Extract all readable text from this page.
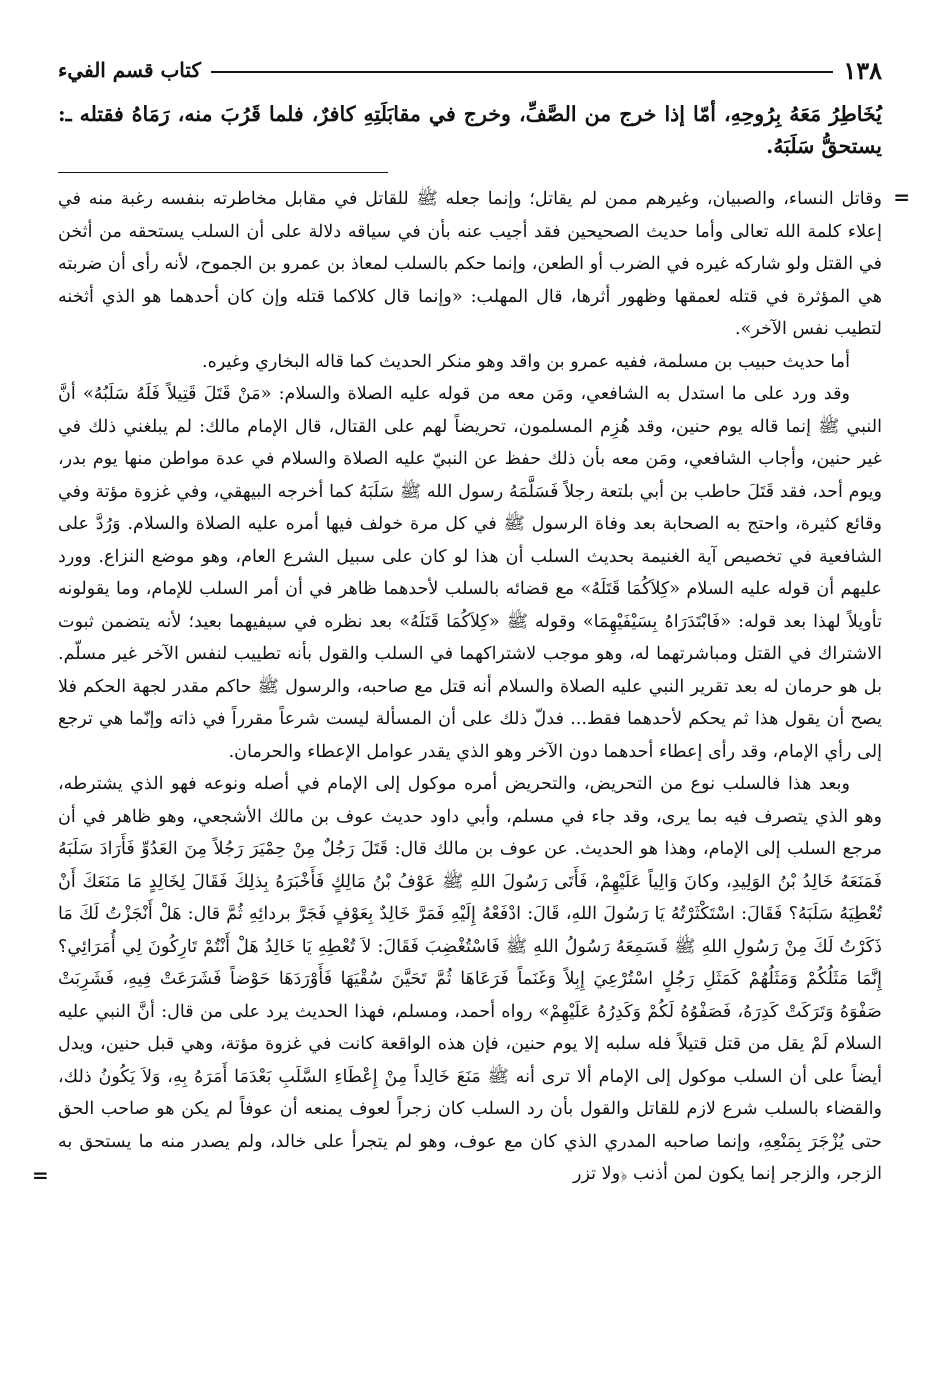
١٣٨
كتاب قسم الفيء

يُخَاطِرُ مَعَهُ بِرُوحِهِ، أمّا إذا خرج من الصَّفِّ، وخرج في مقابَلَتِهِ كافرٌ، فلما قَرُبَ منه، رَمَاهُ فقتله ـ: يستحقُّ سَلَبَهُ.

=

وقاتل النساء، والصبيان، وغيرهم ممن لم يقاتل؛ وإنما جعله ﷺ للقاتل في مقابل مخاطرته بنفسه رغبة منه في إعلاء كلمة الله تعالى وأما حديث الصحيحين فقد أجيب عنه بأن في سياقه دلالة على أن السلب يستحقه من أثخن في القتل ولو شاركه غيره في الضرب أو الطعن، وإنما حكم بالسلب لمعاذ بن عمرو بن الجموح، لأنه رأى أن ضربته هي المؤثرة في قتله لعمقها وظهور أثرها، قال المهلب: «وإنما قال كلاكما قتله وإن كان أحدهما هو الذي أثخنه لتطيب نفس الآخر».

أما حديث حبيب بن مسلمة، ففيه عمرو بن واقد وهو منكر الحديث كما قاله البخاري وغيره.

وقد ورد على ما استدل به الشافعي، ومَن معه من قوله عليه الصلاة والسلام: «مَنْ قَتَلَ قَتِيلاً فَلَهُ سَلَبُهُ» أنَّ النبي ﷺ إنما قاله يوم حنين، وقد هُزِم المسلمون، تحريضاً لهم على القتال، قال الإمام مالك: لم يبلغني ذلك في غير حنين، وأجاب الشافعي، ومَن معه بأن ذلك حفظ عن النبيّ عليه الصلاة والسلام في عدة مواطن منها يوم بدر، ويوم أحد، فقد قَتَلَ حاطب بن أبي بلتعة رجلاً فَسَلَّمَهُ رسول الله ﷺ سَلَبَهُ كما أخرجه البيهقي، وفي غزوة مؤتة وفي وقائع كثيرة، واحتج به الصحابة بعد وفاة الرسول ﷺ في كل مرة خولف فيها أمره عليه الصلاة والسلام. وَرُدَّ على الشافعية في تخصيص آية الغنيمة بحديث السلب أن هذا لو كان على سبيل الشرع العام، وهو موضع النزاع. وورد عليهم أن قوله عليه السلام «كِلاَكُمَا قَتَلَهُ» مع قضائه بالسلب لأحدهما ظاهر في أن أمر السلب للإمام، وما يقولونه تأويلاً لهذا بعد قوله: «فَابْتَدَرَاهُ بِسَيْفَيْهِمَا» وقوله ﷺ «كِلاَكُمَا قَتَلَهُ» بعد نظره في سيفيهما بعيد؛ لأنه يتضمن ثبوت الاشتراك في القتل ومباشرتهما له، وهو موجب لاشتراكهما في السلب والقول بأنه تطييب لنفس الآخر غير مسلّم. بل هو حرمان له بعد تقرير النبي عليه الصلاة والسلام أنه قتل مع صاحبه، والرسول ﷺ حاكم مقدر لجهة الحكم فلا يصح أن يقول هذا ثم يحكم لأحدهما فقط... فدلّ ذلك على أن المسألة ليست شرعاً مقرراً في ذاته وإنّما هي ترجع إلى رأي الإمام، وقد رأى إعطاء أحدهما دون الآخر وهو الذي يقدر عوامل الإعطاء والحرمان.

وبعد هذا فالسلب نوع من التحريض، والتحريض أمره موكول إلى الإمام في أصله ونوعه فهو الذي يشترطه، وهو الذي يتصرف فيه بما يرى، وقد جاء في مسلم، وأبي داود حديث عوف بن مالك الأشجعي، وهو ظاهر في أن مرجع السلب إلى الإمام، وهذا هو الحديث. عن عوف بن مالك قال: قَتَلَ رَجُلٌ مِنْ حِمْيَرَ رَجُلاً مِنَ العَدُوِّ فَأَرَادَ سَلَبَهُ فَمَنَعَهُ خَالِدُ بْنُ الوَلِيدِ، وكانَ وَالِياً عَلَيْهِمْ، فَأَتَى رَسُولَ اللهِ ﷺ عَوْفُ بْنُ مَالِكٍ فَأَخْبَرَهُ بِذلِكَ فَقَالَ لِخَالِدٍ مَا مَنَعَكَ أَنْ تُعْطِيَهُ سَلَبَهُ؟ فَقَالَ: اسْتَكْثَرْتُهُ يَا رَسُولَ اللهِ، قَالَ: ادْفَعْهُ إِلَيْهِ فَمَرَّ خَالِدٌ بِعَوْفٍ فَجَرَّ بردائِهِ ثُمَّ قال: هَلْ أَنْجَزْتُ لَكَ مَا ذَكَرْتُ لَكَ مِنْ رَسُولِ اللهِ ﷺ فَسَمِعَهُ رَسُولُ اللهِ ﷺ فَاسْتُغْضِبَ فَقَالَ: لاَ تُعْطِهِ يَا خَالِدُ هَلْ أَنْتُمْ تَارِكُونَ لِي أُمَرَائِي؟ إِنَّمَا مَثَلُكُمْ وَمَثَلُهُمْ كَمَثَلِ رَجُلٍ اسْتُرْعِيَ إِبِلاً وَغَنَماً فَرَعَاهَا ثُمَّ تَحَيَّنَ سُقْيَهَا فَأَوْرَدَهَا حَوْضاً فَشَرَعَتْ فِيهِ، فَشَرِبَتْ صَفْوَهُ وَتَرَكَتْ كَدِرَهُ، فَصَفْوُهُ لَكُمْ وَكَدِرُهُ عَلَيْهِمْ» رواه أحمد، ومسلم، فهذا الحديث يرد على من قال: أنَّ النبي عليه السلام لَمْ يقل من قتل قتيلاً فله سلبه إلا يوم حنين، فإن هذه الواقعة كانت في غزوة مؤتة، وهي قبل حنين، ويدل أيضاً على أن السلب موكول إلى الإمام ألا ترى أنه ﷺ مَنَعَ خَالِداً مِنْ إِعْطَاءِ السَّلَبِ بَعْدَمَا أَمَرَهُ بِهِ، وَلاَ يَكُونُ ذلك، والقضاء بالسلب شرع لازم للقاتل والقول بأن رد السلب كان زجراً لعوف يمنعه أن عوفاً لم يكن هو صاحب الحق حتى يُزْجَرَ بِمَنْعِهِ، وإنما صاحبه المدري الذي كان مع عوف، وهو لم يتجرأ على خالد، ولم يصدر منه ما يستحق به الزجر، والزجر إنما يكون لمن أذنب ﴿ولا تزر

=
